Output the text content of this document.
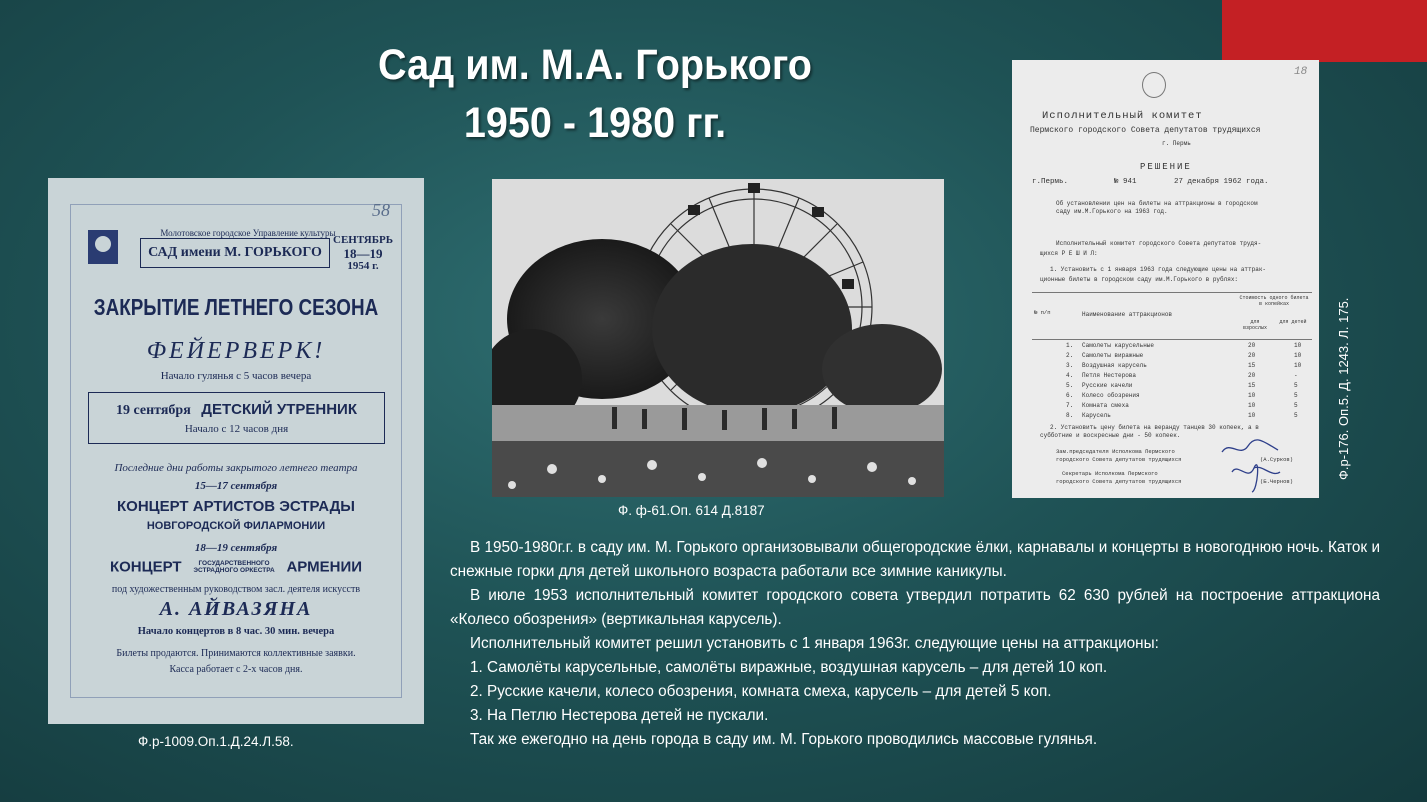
Сад им. М.А. Горького
1950 - 1980 гг.
58
Молотовское городское Управление культуры
САД имени М. ГОРЬКОГО
СЕНТЯБРЬ
18—19
1954 г.
ЗАКРЫТИЕ ЛЕТНЕГО СЕЗОНА
ФЕЙЕРВЕРК!
Начало гулянья с 5 часов вечера
19 сентября ДЕТСКИЙ УТРЕННИК
Начало с 12 часов дня
Последние дни работы закрытого летнего театра
15—17 сентября
КОНЦЕРТ АРТИСТОВ ЭСТРАДЫ
НОВГОРОДСКОЙ ФИЛАРМОНИИ
18—19 сентября
КОНЦЕРТ	ГОСУДАРСТВЕННОГО ЭСТРАДНОГО ОРКЕСТРА АРМЕНИИ
под художественным руководством засл. деятеля искусств
А. АЙВАЗЯНА
Начало концертов в 8 час. 30 мин. вечера
Билеты продаются. Принимаются коллективные заявки.
Касса работает с 2-х часов дня.
Ф.р-1009.Оп.1.Д.24.Л.58.
Ф. ф-61.Оп. 614 Д.8187
18
Исполнительный комитет
Пермского городского Совета депутатов трудящихся
г. Пермь
РЕШЕНИЕ
г.Пермь.	№ 941	27 декабря 1962 года.
Об установлении цен на билеты на аттракционы в городском
саду им.М.Горького на 1963 год.
Исполнительный комитет городского Совета депутатов трудя-
щихся Р Е Ш И Л:
1. Установить с 1 января 1963 года следующие цены на аттрак-
ционные билеты в городском саду им.М.Горького в рублях:
№ п/п	Наименование аттракционов
Стоимость одного билета в копейках
для взрослых
для детей
1. Самолеты карусельные	20	10
2. Самолеты виражные	20	10
3. Воздушная карусель	15	10
4. Петля Нестерова	20	-
5. Русские качели	15	5
6. Колесо обозрения	10	5
7. Комната смеха	10	5
8. Карусель	10	5
2. Установить цену билета на веранду танцев 30 копеек, а в
субботние и воскресные дни - 50 копеек.
Зам.председателя Исполкома Пермского
городского Совета депутатов трудящихся	(А.Сурков)
Секретарь Исполкома Пермского
городского Совета депутатов трудящихся	(Б.Чернов)
Ф.р-176. Оп.5. Д. 1243. Л. 175.

В 1950-1980г.г. в саду им. М. Горького организовывали общегородские ёлки, карнавалы и концерты в новогоднюю ночь. Каток и снежные горки для детей школьного возраста работали все зимние каникулы.

В июле 1953 исполнительный комитет городского совета утвердил потратить 62 630 рублей на построение аттракциона «Колесо обозрения» (вертикальная карусель).

Исполнительный комитет решил установить с 1 января 1963г. следующие цены на аттракционы:

1. Самолёты карусельные, самолёты виражные, воздушная карусель – для детей 10 коп.

2. Русские качели, колесо обозрения, комната смеха, карусель – для детей 5 коп.

3. На Петлю Нестерова детей не пускали.

Так же ежегодно на день города в саду им. М. Горького проводились массовые гулянья.
